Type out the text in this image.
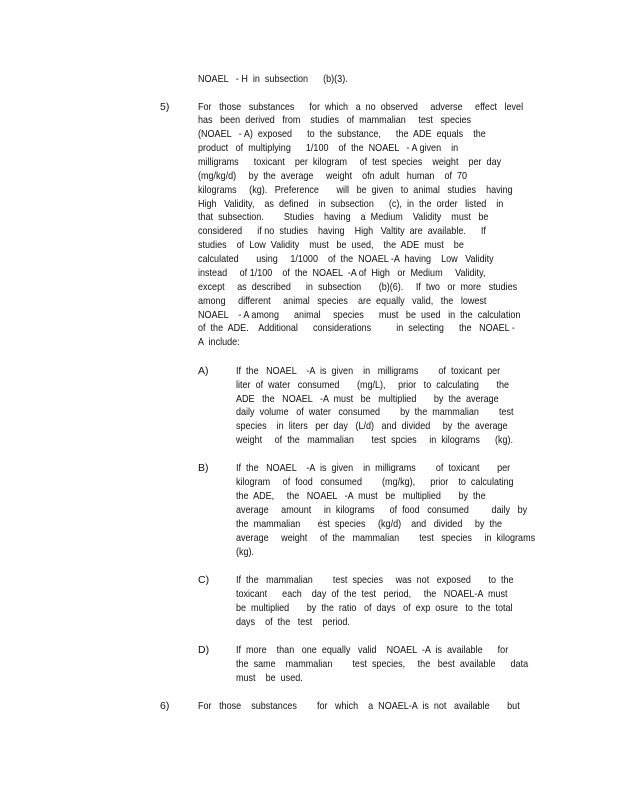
NOAEL   - H  in  subsection      (b)(3).
5)	For   those   substances      for  which   a  no  observed     adverse     effect   level
has   been  derived   from    studies   of  mammalian     test   species
(NOAEL   - A)  exposed      to  the  substance,      the  ADE  equals    the
product   of  multiplying      1/100    of  the  NOAEL   - A given    in
milligrams      toxicant    per  kilogram     of  test  species    weight    per  day
(mg/kg/d)     by  the  average     weight    ofn  adult   human    of  70
kilograms     (kg).   Preference       will   be  given   to  animal   studies    having
High   Validity,    as  defined    in  subsection      (c),  in  the  order   listed    in
that  subsection.        Studies    having    a  Medium    Validity    must   be
considered      if no  studies    having    High   Valtity  are  available.      If
studies    of  Low  Validity    must   be  used,    the  ADE  must    be
calculated       using     1/1000    of  the  NOAEL -A  having    Low   Validity
instead     of 1/100    of  the  NOAEL  -A of  High   or  Medium     Validity,
except     as  described      in  subsection       (b)(6).     If  two   or  more   studies
among     different     animal   species    are  equally   valid,   the   lowest
NOAEL    - A among      animal     species      must   be  used   in  the  calculation
of  the  ADE.    Additional      considerations          in  selecting      the   NOAEL -
A  include:
A)	If  the   NOAEL    -A  is  given    in   milligrams        of  toxicant  per
liter  of  water   consumed       (mg/L),     prior   to  calculating       the
ADE   the   NOAEL   -A  must   be   multiplied       by  the  average
daily  volume   of  water   consumed        by  the  mammalian        test
species    in  liters   per  day   (L/d)   and  divided     by  the  average
weight     of  the   mammalian       test  spcies     in  kilograms      (kg).
B)	If  the   NOAEL    -A  is  given    in  milligrams        of  toxicant       per
kilogram     of  food   consumed        (mg/kg),      prior    to  calculating
the  ADE,     the   NOAEL   -A  must   be   multiplied       by  the
average     amount     in  kilograms      of  food   consumed         daily   by
the  mammalian       ėst  species     (kg/d)    and   divided     by  the
average     weight     of  the   mammalian        test   species     in  kilograms
(kg).
C)	If  the   mammalian        test  species     was  not   exposed       to  the
toxicant      each    day  of  the  test   period,     the   NOAEL-A  must
be  multiplied       by  the  ratio   of  days   of  exp  osure   to  the  total
days    of  the   test    period.
D)	If  more    than   one  equally   valid    NOAEL  -A  is  available      for
the  same    mammalian        test  species,     the   best  available      data
must    be  used.
6)	For   those    substances        for   which    a  NOAEL-A  is  not   available       but
